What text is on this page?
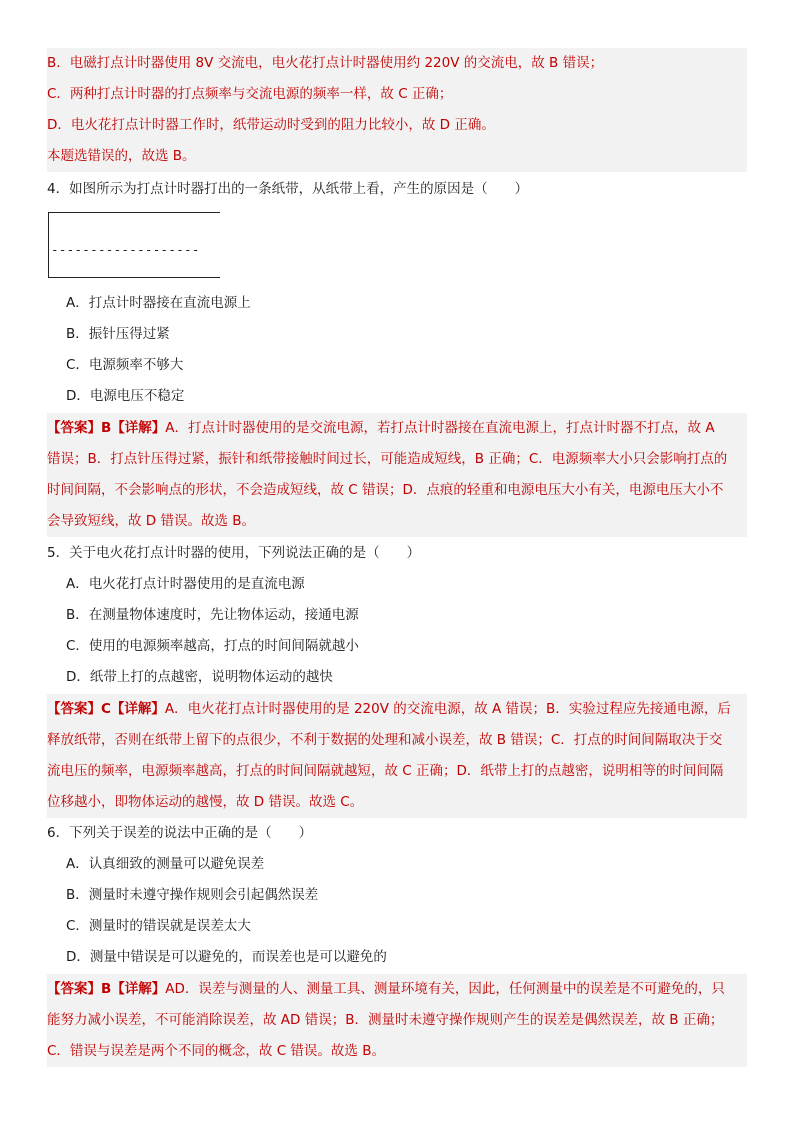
B．电磁打点计时器使用 8V 交流电，电火花打点计时器使用约 220V 的交流电，故 B 错误；
C．两种打点计时器的打点频率与交流电源的频率一样，故 C 正确；
D．电火花打点计时器工作时，纸带运动时受到的阻力比较小，故 D 正确。
本题选错误的，故选 B。
4．如图所示为打点计时器打出的一条纸带，从纸带上看，产生的原因是（　　）
-------------------
A．打点计时器接在直流电源上
B．振针压得过紧
C．电源频率不够大
D．电源电压不稳定
【答案】B【详解】A．打点计时器使用的是交流电源，若打点计时器接在直流电源上，打点计时器不打点，故 A
错误；B．打点针压得过紧，振针和纸带接触时间过长，可能造成短线，B 正确；C．电源频率大小只会影响打点的
时间间隔，不会影响点的形状，不会造成短线，故 C 错误；D．点痕的轻重和电源电压大小有关，电源电压大小不
会导致短线，故 D 错误。故选 B。
5．关于电火花打点计时器的使用，下列说法正确的是（　　）
A．电火花打点计时器使用的是直流电源
B．在测量物体速度时，先让物体运动，接通电源
C．使用的电源频率越高，打点的时间间隔就越小
D．纸带上打的点越密，说明物体运动的越快
【答案】C【详解】A．电火花打点计时器使用的是 220V 的交流电源，故 A 错误；B．实验过程应先接通电源，后
释放纸带，否则在纸带上留下的点很少，不利于数据的处理和减小误差，故 B 错误；C．打点的时间间隔取决于交
流电压的频率，电源频率越高，打点的时间间隔就越短，故 C 正确；D．纸带上打的点越密，说明相等的时间间隔
位移越小，即物体运动的越慢，故 D 错误。故选 C。
6．下列关于误差的说法中正确的是（　　）
A．认真细致的测量可以避免误差
B．测量时未遵守操作规则会引起偶然误差
C．测量时的错误就是误差太大
D．测量中错误是可以避免的，而误差也是可以避免的
【答案】B【详解】AD．误差与测量的人、测量工具、测量环境有关，因此，任何测量中的误差是不可避免的，只
能努力减小误差，不可能消除误差，故 AD 错误；B．测量时未遵守操作规则产生的误差是偶然误差，故 B 正确；
C．错误与误差是两个不同的概念，故 C 错误。故选 B。
